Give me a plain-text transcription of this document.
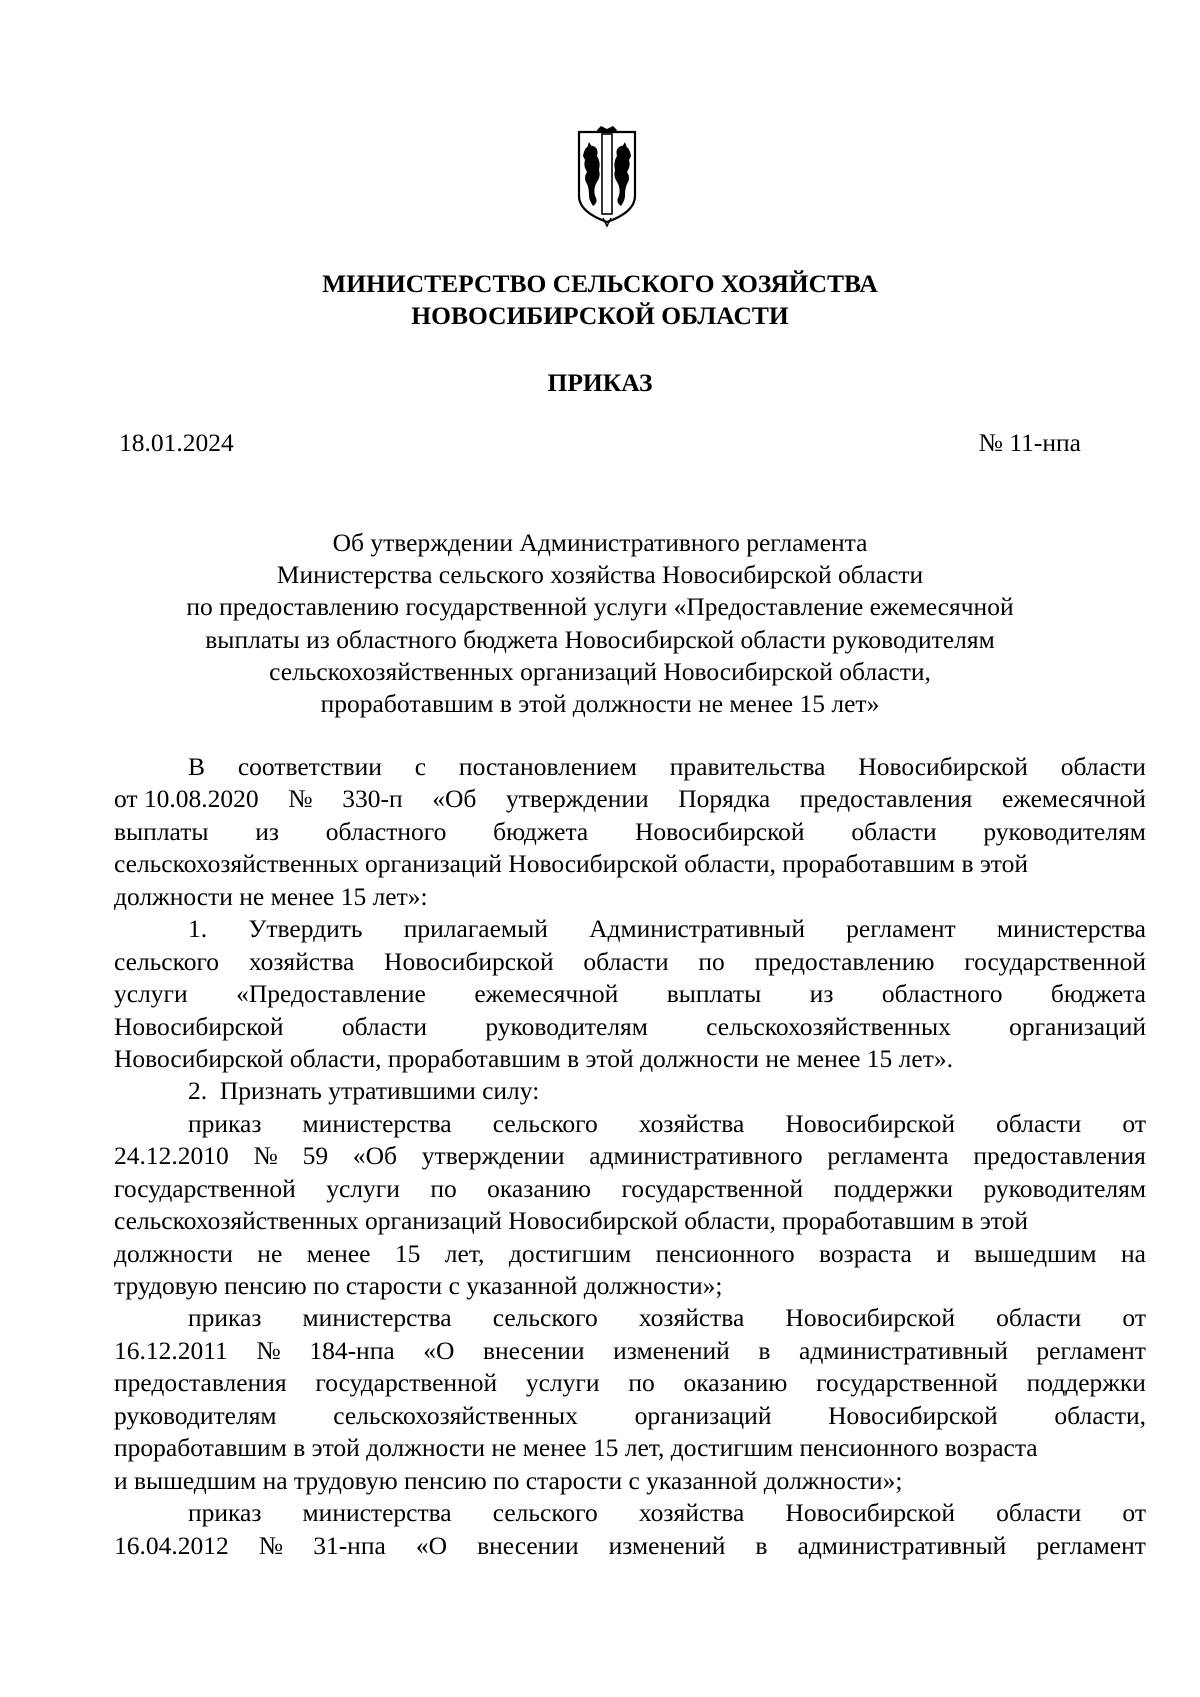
МИНИСТЕРСТВО СЕЛЬСКОГО ХОЗЯЙСТВА
НОВОСИБИРСКОЙ ОБЛАСТИ
ПРИКАЗ
18.01.2024	№ 11-нпа
Об утверждении Административного регламента
Министерства сельского хозяйства Новосибирской области
по предоставлению государственной услуги «Предоставление ежемесячной
выплаты из областного бюджета Новосибирской области руководителям
сельскохозяйственных организаций Новосибирской области,
проработавшим в этой должности не менее 15 лет»
В соответствии с постановлением правительства Новосибирской области
от 10.08.2020 № 330-п «Об утверждении Порядка предоставления ежемесячной
выплаты из областного бюджета Новосибирской области руководителям
сельскохозяйственных организаций Новосибирской области, проработавшим в этой
должности не менее 15 лет»:
1. Утвердить прилагаемый Административный регламент министерства
сельского хозяйства Новосибирской области по предоставлению государственной
услуги «Предоставление ежемесячной выплаты из областного бюджета
Новосибирской области руководителям сельскохозяйственных организаций
Новосибирской области, проработавшим в этой должности не менее 15 лет».
2.  Признать утратившими силу:
приказ министерства сельского хозяйства Новосибирской области от
24.12.2010 № 59 «Об утверждении административного регламента предоставления
государственной услуги по оказанию государственной поддержки руководителям
сельскохозяйственных организаций Новосибирской области, проработавшим в этой
должности не менее 15 лет, достигшим пенсионного возраста и вышедшим на
трудовую пенсию по старости с указанной должности»;
приказ министерства сельского хозяйства Новосибирской области от
16.12.2011 № 184-нпа «О внесении изменений в административный регламент
предоставления государственной услуги по оказанию государственной поддержки
руководителям сельскохозяйственных организаций Новосибирской области,
проработавшим в этой должности не менее 15 лет, достигшим пенсионного возраста
и вышедшим на трудовую пенсию по старости с указанной должности»;
приказ министерства сельского хозяйства Новосибирской области от
16.04.2012 № 31-нпа «О внесении изменений в административный регламент
